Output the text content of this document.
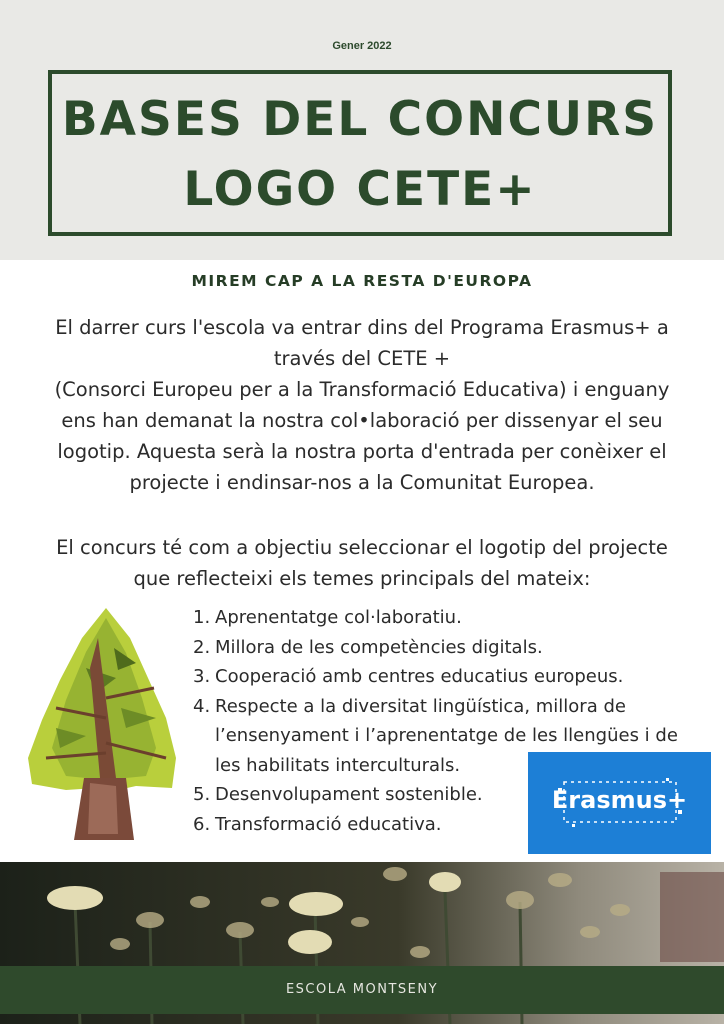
Gener 2022
BASES DEL CONCURS
LOGO CETE+
MIREM CAP A LA RESTA D'EUROPA
El darrer curs l'escola va entrar dins del Programa Erasmus+ a
través del CETE +
(Consorci Europeu per a la Transformació Educativa) i enguany
ens han demanat la nostra col•laboració per dissenyar el seu
logotip. Aquesta serà la nostra porta d'entrada per conèixer el
projecte i endinsar-nos a la Comunitat Europea.
El concurs té com a objectiu seleccionar el logotip del projecte
que reflecteixi els temes principals del mateix:
1. Aprenentatge col·laboratiu.
2. Millora de les competències digitals.
3. Cooperació amb centres educatius europeus.
4. Respecte a la diversitat lingüística, millora de
l’ensenyament i l’aprenentatge de les llengües i de
les habilitats interculturals.
5. Desenvolupament sostenible.
6. Transformació educativa.
Erasmus+
ESCOLA MONTSENY
